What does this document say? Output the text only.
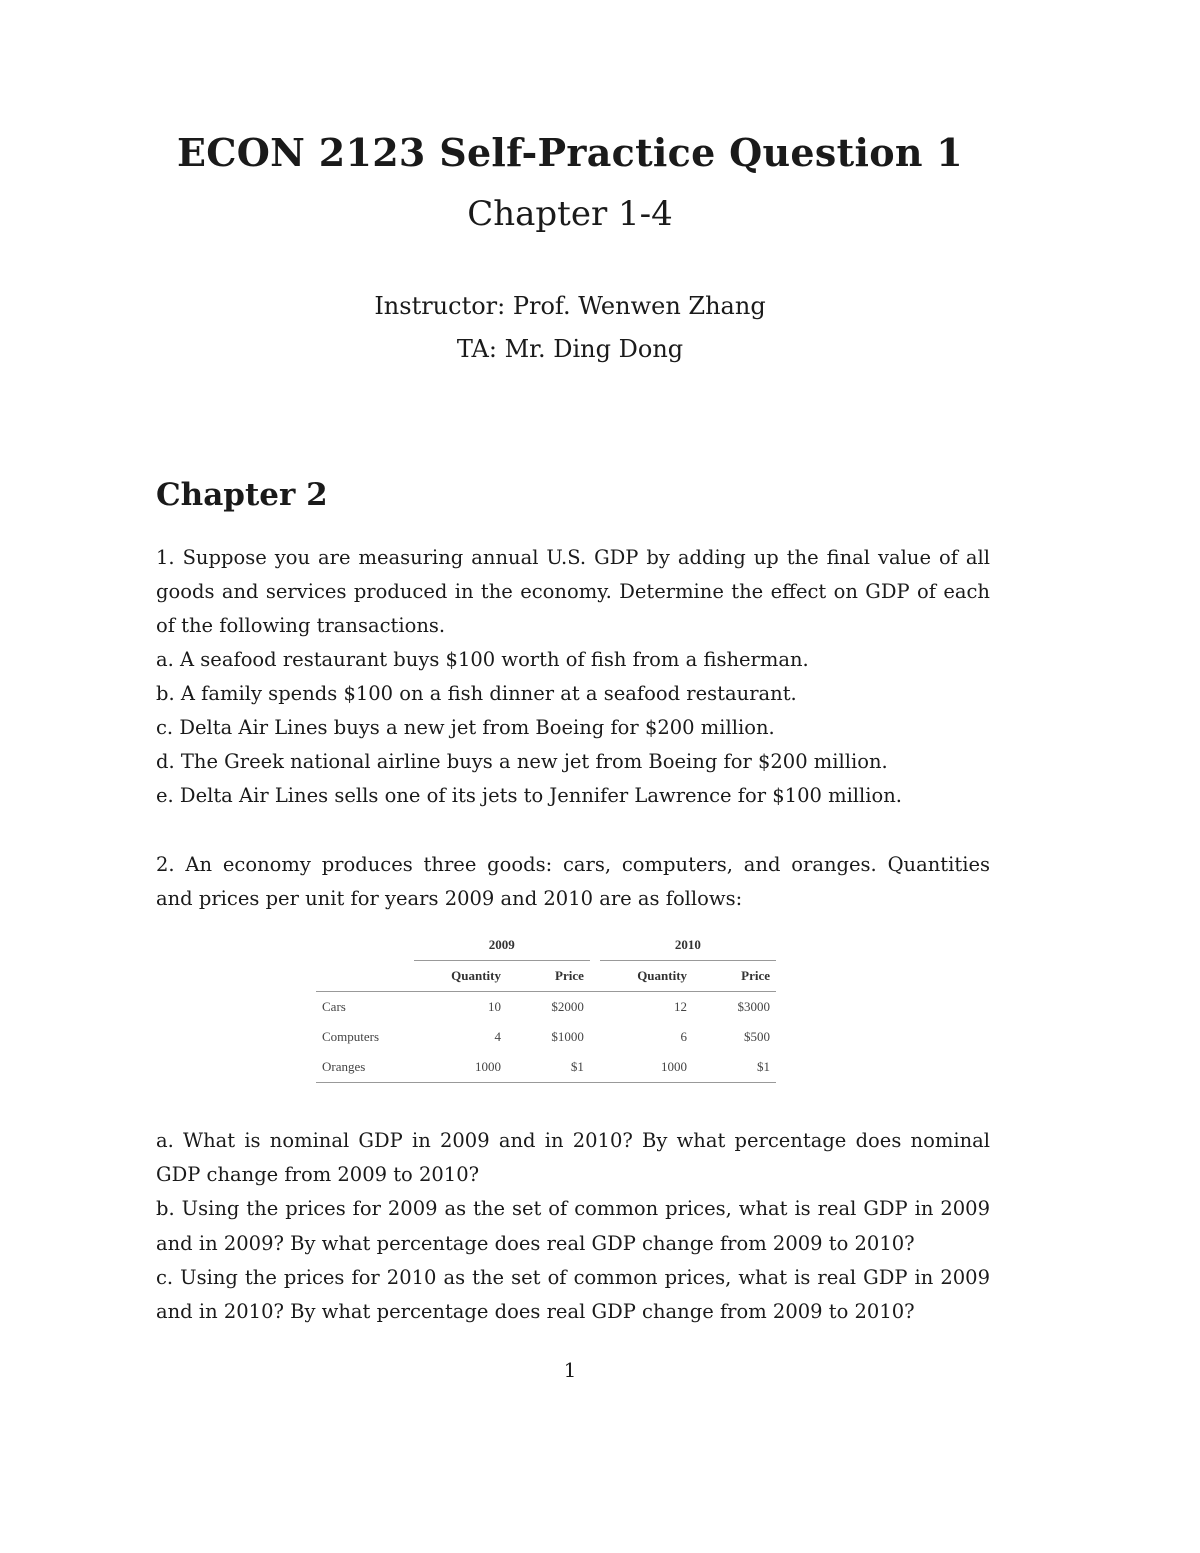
ECON 2123 Self-Practice Question 1
Chapter 1-4
Instructor: Prof. Wenwen Zhang
TA: Mr. Ding Dong
Chapter 2
1. Suppose you are measuring annual U.S. GDP by adding up the final value of all
goods and services produced in the economy. Determine the effect on GDP of each
of the following transactions.
a. A seafood restaurant buys $100 worth of fish from a fisherman.
b. A family spends $100 on a fish dinner at a seafood restaurant.
c. Delta Air Lines buys a new jet from Boeing for $200 million.
d. The Greek national airline buys a new jet from Boeing for $200 million.
e. Delta Air Lines sells one of its jets to Jennifer Lawrence for $100 million.
2. An economy produces three goods: cars, computers, and oranges. Quantities
and prices per unit for years 2009 and 2010 are as follows:
	2009			2010	
	Quantity	Price		Quantity	Price
Cars	10	$2000		12	$3000
Computers	4	$1000		6	$500
Oranges	1000	$1		1000	$1
a. What is nominal GDP in 2009 and in 2010? By what percentage does nominal
GDP change from 2009 to 2010?
b. Using the prices for 2009 as the set of common prices, what is real GDP in 2009
and in 2009? By what percentage does real GDP change from 2009 to 2010?
c. Using the prices for 2010 as the set of common prices, what is real GDP in 2009
and in 2010? By what percentage does real GDP change from 2009 to 2010?
1
